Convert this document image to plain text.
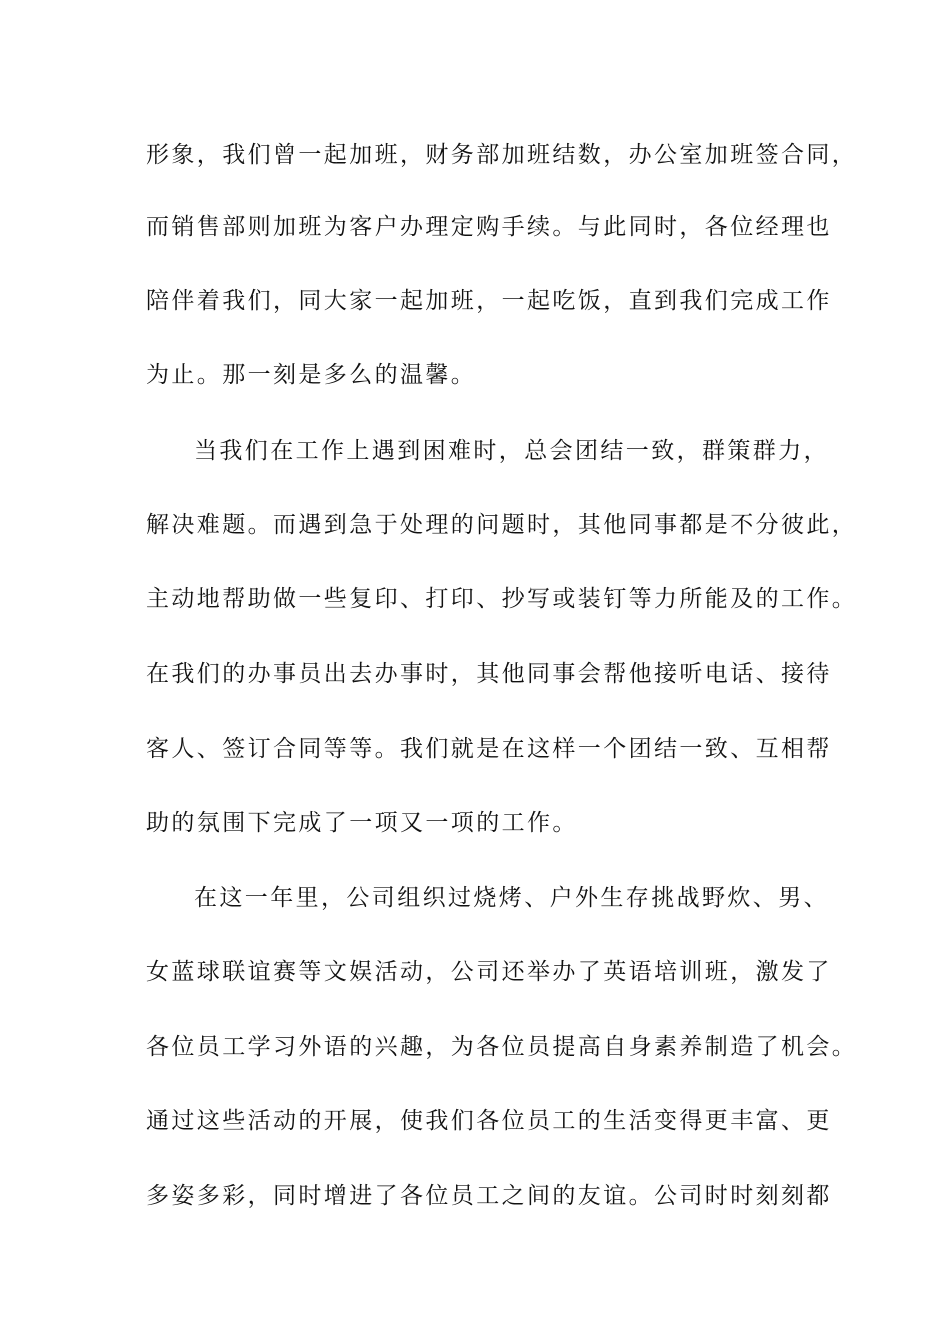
形象，我们曾一起加班，财务部加班结数，办公室加班签合同，
而销售部则加班为客户办理定购手续。与此同时，各位经理也
陪伴着我们，同大家一起加班，一起吃饭，直到我们完成工作
为止。那一刻是多么的温馨。
当我们在工作上遇到困难时，总会团结一致，群策群力，
解决难题。而遇到急于处理的问题时，其他同事都是不分彼此，
主动地帮助做一些复印、打印、抄写或装钉等力所能及的工作。
在我们的办事员出去办事时，其他同事会帮他接听电话、接待
客人、签订合同等等。我们就是在这样一个团结一致、互相帮
助的氛围下完成了一项又一项的工作。
在这一年里，公司组织过烧烤、户外生存挑战野炊、男、
女蓝球联谊赛等文娱活动，公司还举办了英语培训班，激发了
各位员工学习外语的兴趣，为各位员提高自身素养制造了机会。
通过这些活动的开展，使我们各位员工的生活变得更丰富、更
多姿多彩，同时增进了各位员工之间的友谊。公司时时刻刻都
